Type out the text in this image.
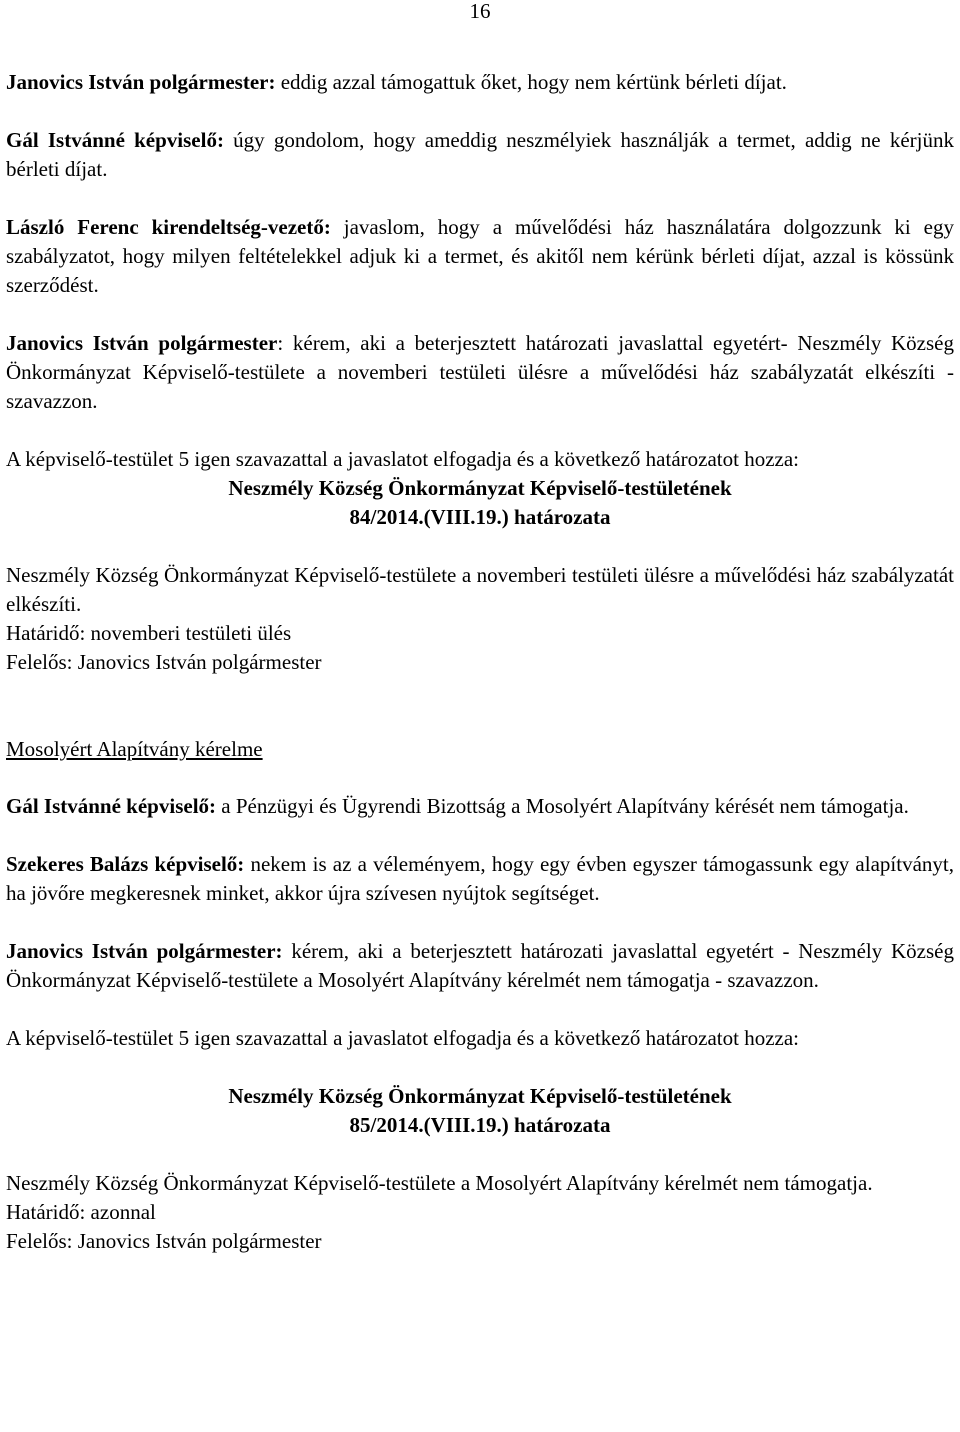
16

Janovics István polgármester: eddig azzal támogattuk őket, hogy nem kértünk bérleti díjat.

Gál Istvánné képviselő: úgy gondolom, hogy ameddig neszmélyiek használják a termet, addig ne kérjünk bérleti díjat.

László Ferenc kirendeltség-vezető: javaslom, hogy a művelődési ház használatára dolgozzunk ki egy szabályzatot, hogy milyen feltételekkel adjuk ki a termet, és akitől nem kérünk bérleti díjat, azzal is kössünk szerződést.

Janovics István polgármester: kérem, aki a beterjesztett határozati javaslattal egyetért- Neszmély Község Önkormányzat Képviselő-testülete a novemberi testületi ülésre a művelődési ház szabályzatát elkészíti - szavazzon.

A képviselő-testület 5 igen szavazattal a javaslatot elfogadja és a következő határozatot hozza:

Neszmély Község Önkormányzat Képviselő-testületének
84/2014.(VIII.19.) határozata

Neszmély Község Önkormányzat Képviselő-testülete a novemberi testületi ülésre a művelődési ház szabályzatát elkészíti.

Határidő: novemberi testületi ülés
Felelős: Janovics István polgármester
Mosolyért Alapítvány kérelme

Gál Istvánné képviselő: a Pénzügyi és Ügyrendi Bizottság a Mosolyért Alapítvány kérését nem támogatja.

Szekeres Balázs képviselő: nekem is az a véleményem, hogy egy évben egyszer támogassunk egy alapítványt, ha jövőre megkeresnek minket, akkor újra szívesen nyújtok segítséget.

Janovics István polgármester: kérem, aki a beterjesztett határozati javaslattal egyetért - Neszmély Község Önkormányzat Képviselő-testülete a Mosolyért Alapítvány kérelmét nem támogatja - szavazzon.

A képviselő-testület 5 igen szavazattal a javaslatot elfogadja és a következő határozatot hozza:

Neszmély Község Önkormányzat Képviselő-testületének
85/2014.(VIII.19.) határozata

Neszmély Község Önkormányzat Képviselő-testülete a Mosolyért Alapítvány kérelmét nem támogatja.

Határidő: azonnal
Felelős: Janovics István polgármester
